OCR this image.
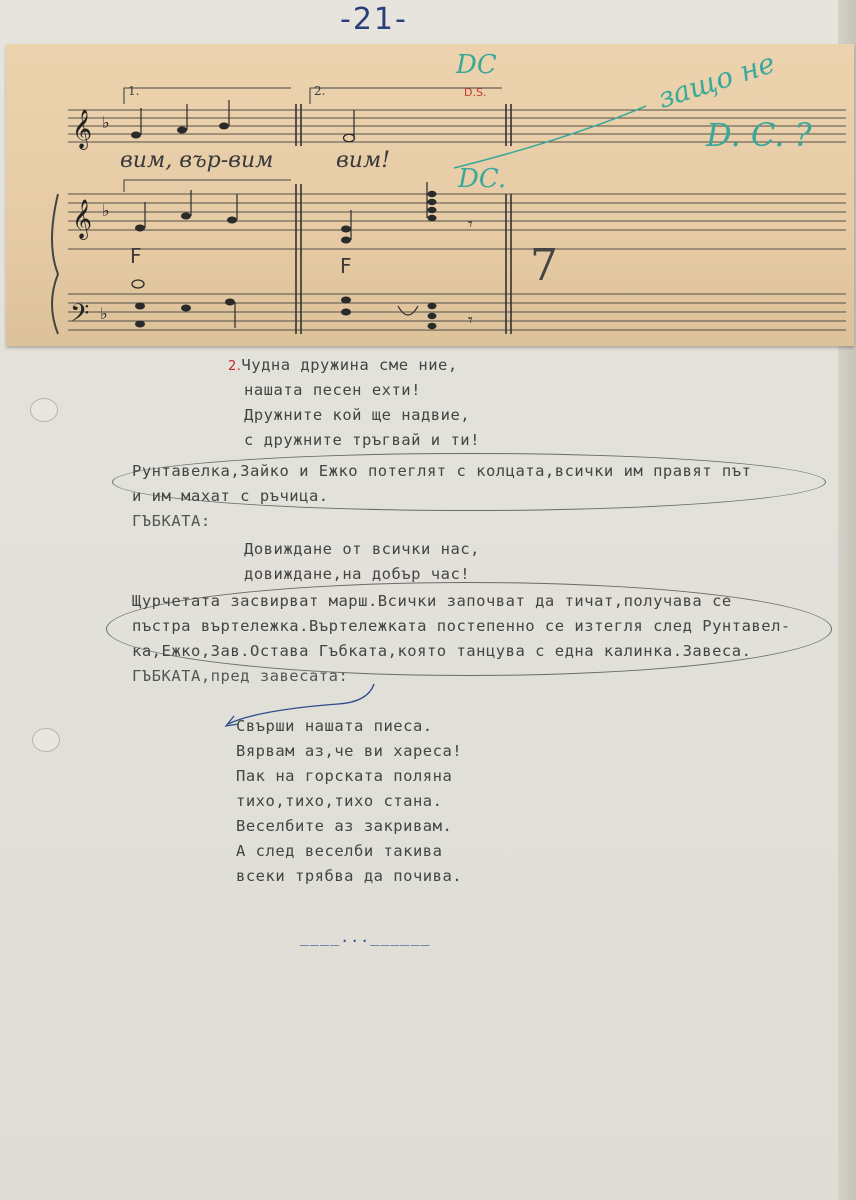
-21-
𝄞
𝄞
𝄢
♭
♭
♭
𝄾
𝄾
7
вим, вър-вим	вим!
1.	2.
F	F
DC
D.S.
DC.
защо не
D. C. ?
2.Чудна дружина сме ние,
нашата песен ехти!
Дружните кой ще надвие,
с дружните тръгвай и ти!
Рунтавелка,Зайко и Ежко потеглят с колцата,всички им правят път
и им махат с ръчица.
ГЪБКАТА:
Довиждане от всички нас,
довиждане,на добър час!
Щурчетата засвирват марш.Всички започват да тичат,получава се
пъстра въртележка.Въртележката постепенно се изтегля след Рунтавел-
ка,Ежко,Зав.Остава Гъбката,която танцува с една калинка.Завеса.
ГЪБКАТА,пред завесата:
Свърши нашата пиеса.
Вярвам аз,че ви хареса!
Пак на горската поляна
тихо,тихо,тихо стана.
Веселбите аз закривам.
А след веселби такива
всеки трябва да почива.
____...______
